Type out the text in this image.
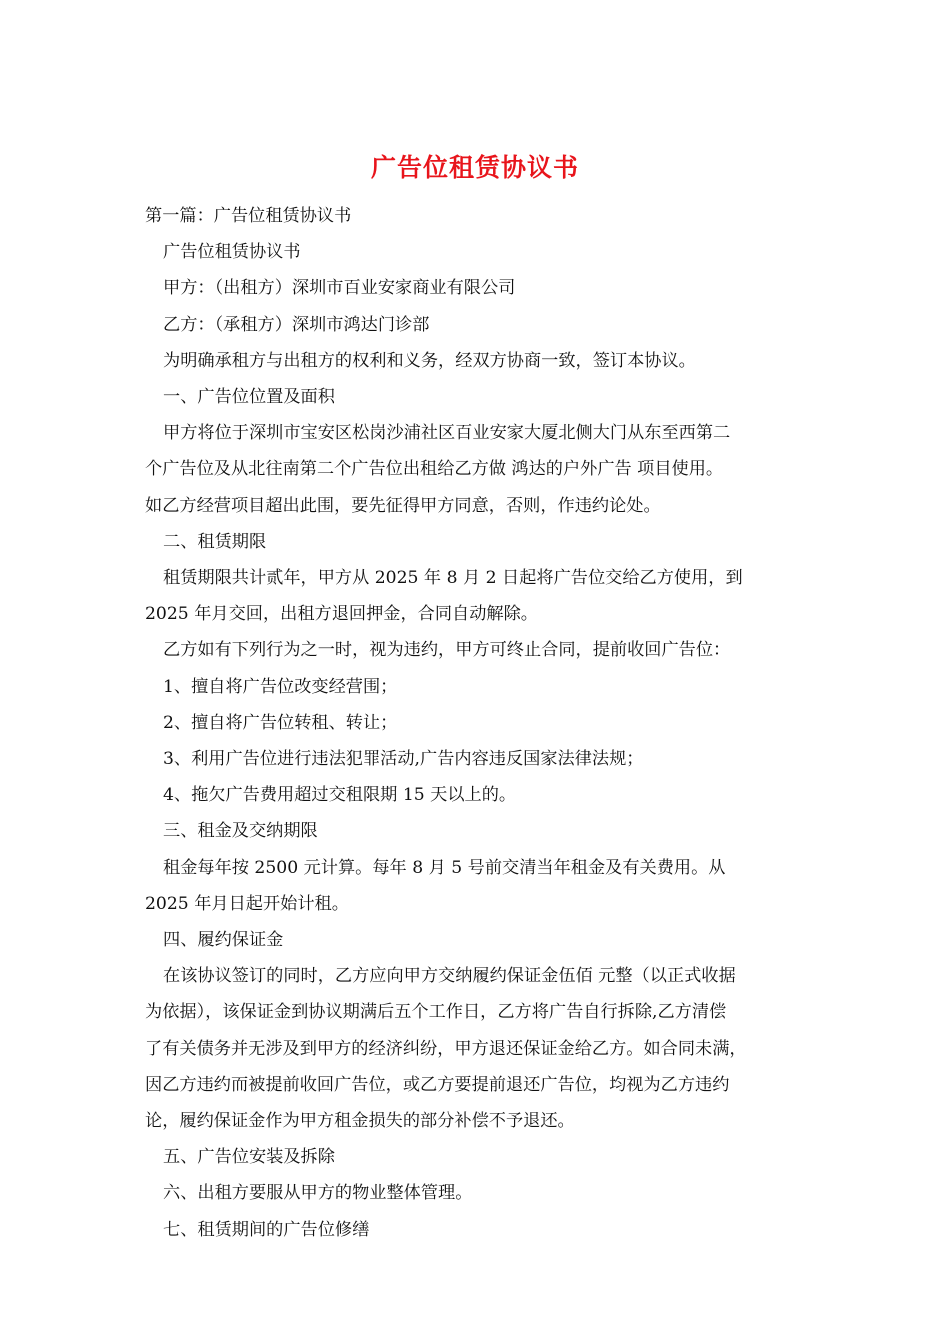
广告位租赁协议书

第一篇：广告位租赁协议书

广告位租赁协议书

甲方：（出租方）深圳市百业安家商业有限公司

乙方：（承租方）深圳市鸿达门诊部

为明确承租方与出租方的权利和义务，经双方协商一致，签订本协议。

一、广告位位置及面积

甲方将位于深圳市宝安区松岗沙浦社区百业安家大厦北侧大门从东至西第二

个广告位及从北往南第二个广告位出租给乙方做 鸿达的户外广告 项目使用。

如乙方经营项目超出此围，要先征得甲方同意，否则，作违约论处。

二、租赁期限

租赁期限共计贰年，甲方从 2025 年 8 月 2 日起将广告位交给乙方使用，到

2025 年月交回，出租方退回押金，合同自动解除。

乙方如有下列行为之一时，视为违约，甲方可终止合同，提前收回广告位：

1、擅自将广告位改变经营围；

2、擅自将广告位转租、转让；

3、利用广告位进行违法犯罪活动,广告内容违反国家法律法规；

4、拖欠广告费用超过交租限期 15 天以上的。

三、租金及交纳期限

租金每年按 2500 元计算。每年 8 月 5 号前交清当年租金及有关费用。从

2025 年月日起开始计租。

四、履约保证金

在该协议签订的同时，乙方应向甲方交纳履约保证金伍佰 元整（以正式收据

为依据），该保证金到协议期满后五个工作日，乙方将广告自行拆除,乙方清偿

了有关债务并无涉及到甲方的经济纠纷，甲方退还保证金给乙方。如合同未满，

因乙方违约而被提前收回广告位，或乙方要提前退还广告位，均视为乙方违约

论，履约保证金作为甲方租金损失的部分补偿不予退还。

五、广告位安装及拆除

六、出租方要服从甲方的物业整体管理。

七、租赁期间的广告位修缮
